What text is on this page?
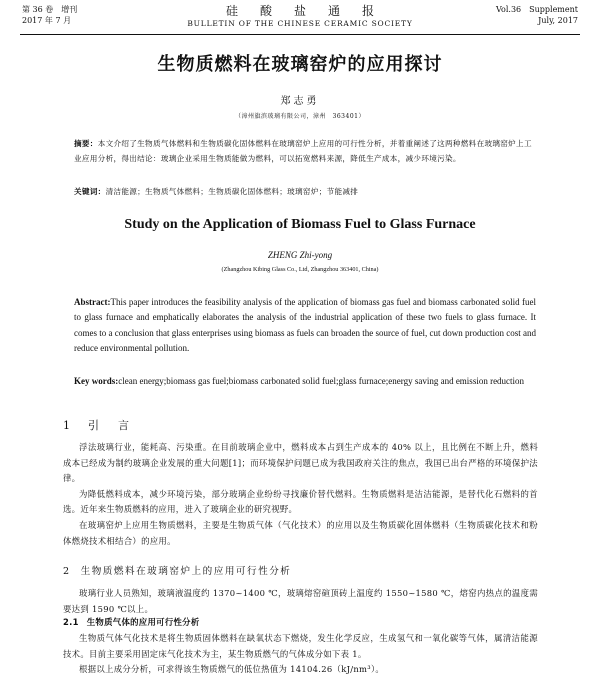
第 36 卷　增刊
2017 年 7 月
硅酸盐通报
BULLETIN OF THE CHINESE CERAMIC SOCIETY
Vol.36　Supplement
July, 2017
生物质燃料在玻璃窑炉的应用探讨
郑志勇
（漳州旗滨玻璃有限公司，漳州　363401）
摘要：本文介绍了生物质气体燃料和生物质碳化固体燃料在玻璃窑炉上应用的可行性分析，并着重阐述了这两种燃料在玻璃窑炉上工业应用分析，得出结论：玻璃企业采用生物质能做为燃料，可以拓宽燃料来源，降低生产成本，减少环境污染。
关键词：清洁能源；生物质气体燃料；生物质碳化固体燃料；玻璃窑炉；节能减排
Study on the Application of Biomass Fuel to Glass Furnace
ZHENG Zhi-yong
(Zhangzhou Kibing Glass Co., Ltd, Zhangzhou 363401, China)
Abstract:This paper introduces the feasibility analysis of the application of biomass gas fuel and biomass carbonated solid fuel to glass furnace and emphatically elaborates the analysis of the industrial application of these two fuels to glass furnace. It comes to a conclusion that glass enterprises using biomass as fuels can broaden the source of fuel, cut down production cost and reduce environmental pollution.
Key words:clean energy;biomass gas fuel;biomass carbonated solid fuel;glass furnace;energy saving and emission reduction
1 引　言

浮法玻璃行业，能耗高、污染重。在目前玻璃企业中，燃料成本占到生产成本的 40% 以上，且比例在不断上升，燃料成本已经成为制约玻璃企业发展的重大问题[1]；而环境保护问题已成为我国政府关注的焦点，我国已出台严格的环境保护法律。

为降低燃料成本，减少环境污染，部分玻璃企业纷纷寻找廉价替代燃料。生物质燃料是洁洁能源，是替代化石燃料的首选。近年来生物质燃料的应用，进入了玻璃企业的研究视野。

在玻璃窑炉上应用生物质燃料，主要是生物质气体（气化技术）的应用以及生物质碳化固体燃料（生物质碳化技术和粉体燃烧技术相结合）的应用。

2 生物质燃料在玻璃窑炉上的应用可行性分析

玻璃行业人员熟知，玻璃液温度约 1370~1400 ℃，玻璃熔窑碹顶砖上温度约 1550~1580 ℃，熔窑内热点的温度需要达到 1590 ℃以上。

2.1 生物质气体的应用可行性分析

生物质气体气化技术是将生物质固体燃料在缺氧状态下燃烧，发生化学反应，生成氢气和一氧化碳等气体，属清洁能源技术。目前主要采用固定床气化技术为主，某生物质燃气的气体成分如下表 1。

根据以上成分分析，可求得该生物质燃气的低位热值为 14104.26（kJ/nm³）。
